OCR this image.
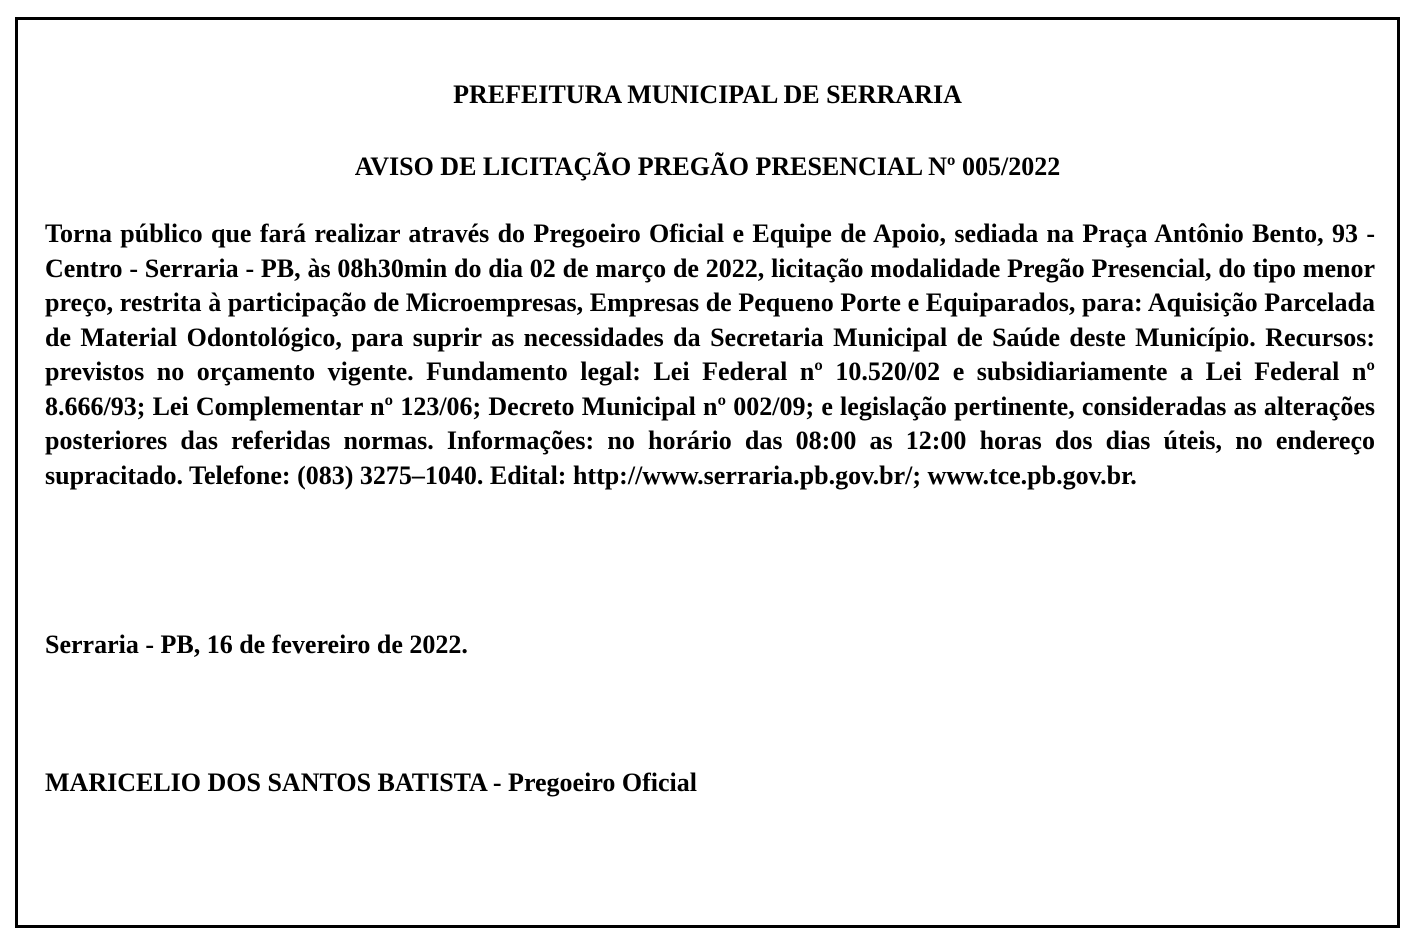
PREFEITURA MUNICIPAL DE SERRARIA

AVISO DE LICITAÇÃO PREGÃO PRESENCIAL Nº 005/2022

Torna público que fará realizar através do Pregoeiro Oficial e Equipe de Apoio, sediada na Praça Antônio Bento, 93 - Centro - Serraria - PB, às 08h30min do dia 02 de março de 2022, licitação modalidade Pregão Presencial, do tipo menor preço, restrita à participação de Microempresas, Empresas de Pequeno Porte e Equiparados, para: Aquisição Parcelada de Material Odontológico, para suprir as necessidades da Secretaria Municipal de Saúde deste Município. Recursos: previstos no orçamento vigente. Fundamento legal: Lei Federal nº 10.520/02 e subsidiariamente a Lei Federal nº 8.666/93; Lei Complementar nº 123/06; Decreto Municipal nº 002/09; e legislação pertinente, consideradas as alterações posteriores das referidas normas. Informações: no horário das 08:00 as 12:00 horas dos dias úteis, no endereço supracitado. Telefone: (083) 3275–1040. Edital: http://www.serraria.pb.gov.br/; www.tce.pb.gov.br.

Serraria - PB, 16 de fevereiro de 2022.

MARICELIO DOS SANTOS BATISTA - Pregoeiro Oficial
